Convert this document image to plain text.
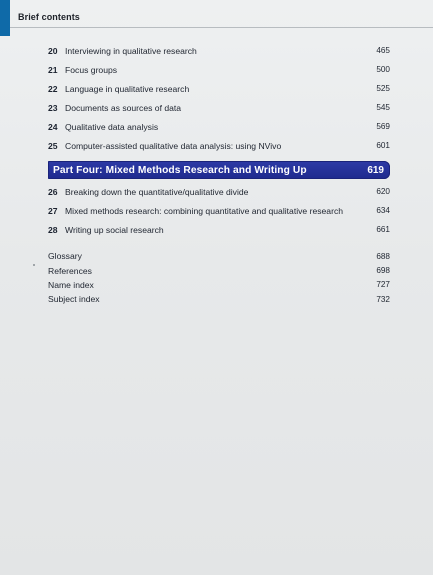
Brief contents
20 Interviewing in qualitative research	465
21 Focus groups	500
22 Language in qualitative research	525
23 Documents as sources of data	545
24 Qualitative data analysis	569
25 Computer-assisted qualitative data analysis: using NVivo	601
Part Four: Mixed Methods Research and Writing Up	619
26 Breaking down the quantitative/qualitative divide	620
27 Mixed methods research: combining quantitative and qualitative research	634
28 Writing up social research	661
Glossary	688
References	698
Name index	727
Subject index	732
